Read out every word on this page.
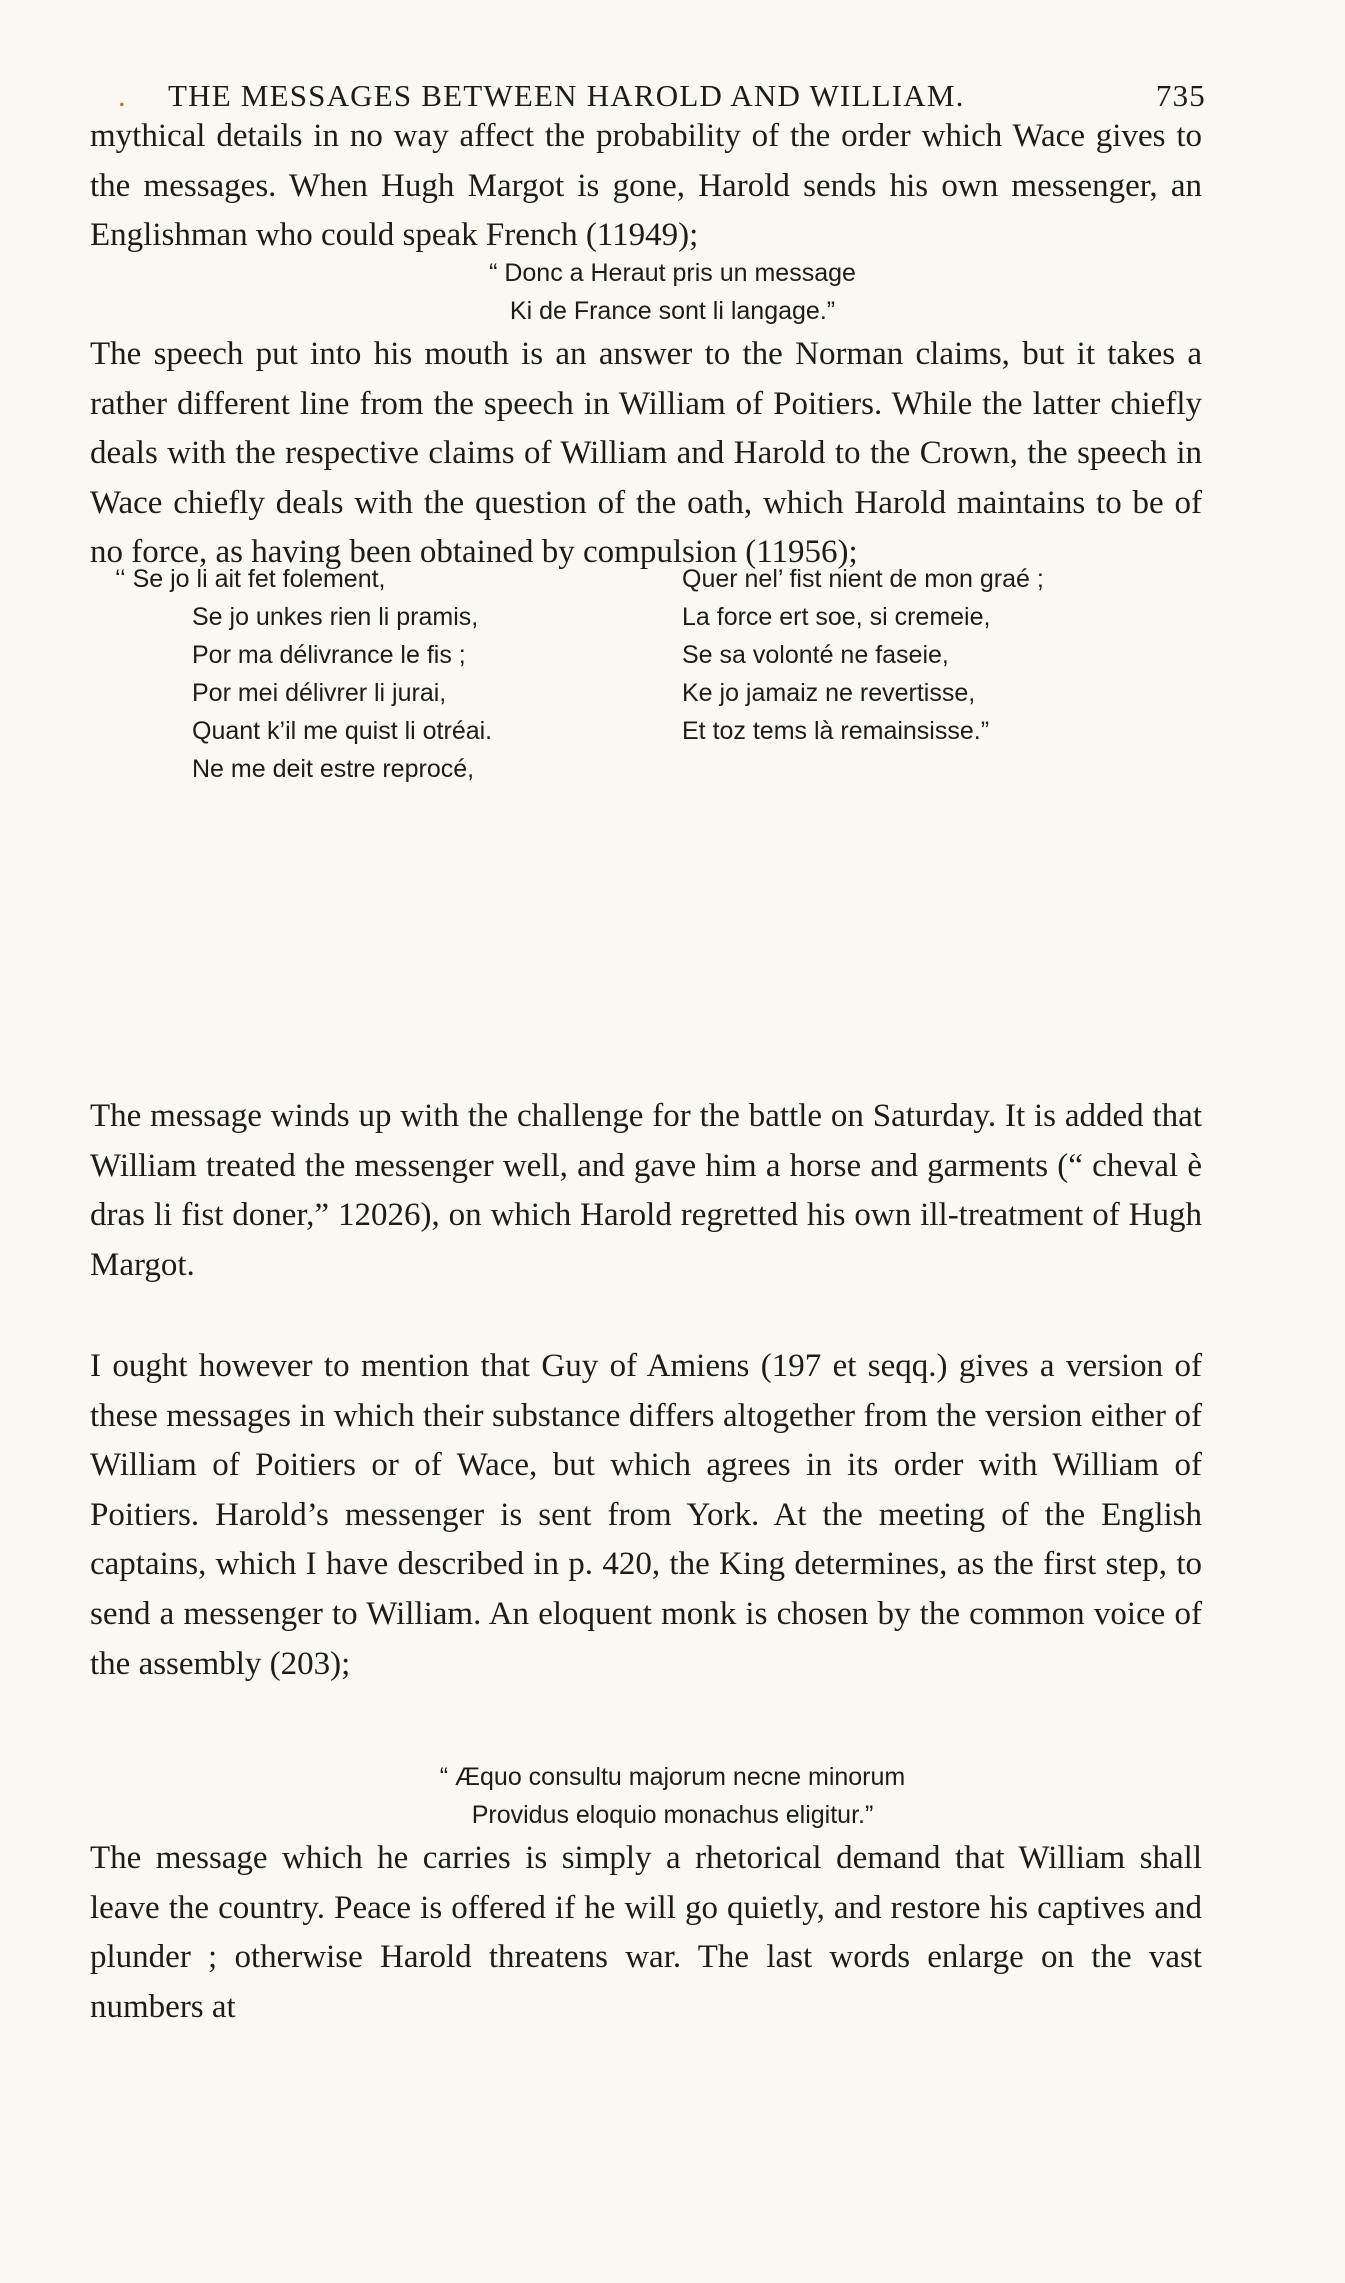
. THE MESSAGES BETWEEN HAROLD AND WILLIAM.	735

mythical details in no way affect the probability of the order which Wace gives to the messages. When Hugh Margot is gone, Harold sends his own messenger, an Englishman who could speak French (11949);

“ Donc a Heraut pris un message
Ki de France sont li langage.”

The speech put into his mouth is an answer to the Norman claims, but it takes a rather different line from the speech in William of Poitiers. While the latter chiefly deals with the respective claims of William and Harold to the Crown, the speech in Wace chiefly deals with the question of the oath, which Harold maintains to be of no force, as having been obtained by compulsion (11956);

‘‘ Se jo li ait fet folement,
Se jo unkes rien li pramis,
Por ma délivrance le fis ;
Por mei délivrer li jurai,
Quant k’il me quist li otréai.
Ne me deit estre reprocé,
Quer nel’ fist nient de mon graé ;
La force ert soe, si cremeie,
Se sa volonté ne faseie,
Ke jo jamaiz ne revertisse,
Et toz tems là remainsisse.”

The message winds up with the challenge for the battle on Saturday. It is added that William treated the messenger well, and gave him a horse and garments (“ cheval è dras li fist doner,” 12026), on which Harold regretted his own ill-treatment of Hugh Margot.

I ought however to mention that Guy of Amiens (197 et seqq.) gives a version of these messages in which their substance differs altogether from the version either of William of Poitiers or of Wace, but which agrees in its order with William of Poitiers. Harold’s messenger is sent from York. At the meeting of the English captains, which I have described in p. 420, the King determines, as the first step, to send a messenger to William. An eloquent monk is chosen by the common voice of the assembly (203);

“ Æquo consultu majorum necne minorum
Providus eloquio monachus eligitur.”

The message which he carries is simply a rhetorical demand that William shall leave the country. Peace is offered if he will go quietly, and restore his captives and plunder ; otherwise Harold threatens war. The last words enlarge on the vast numbers at
